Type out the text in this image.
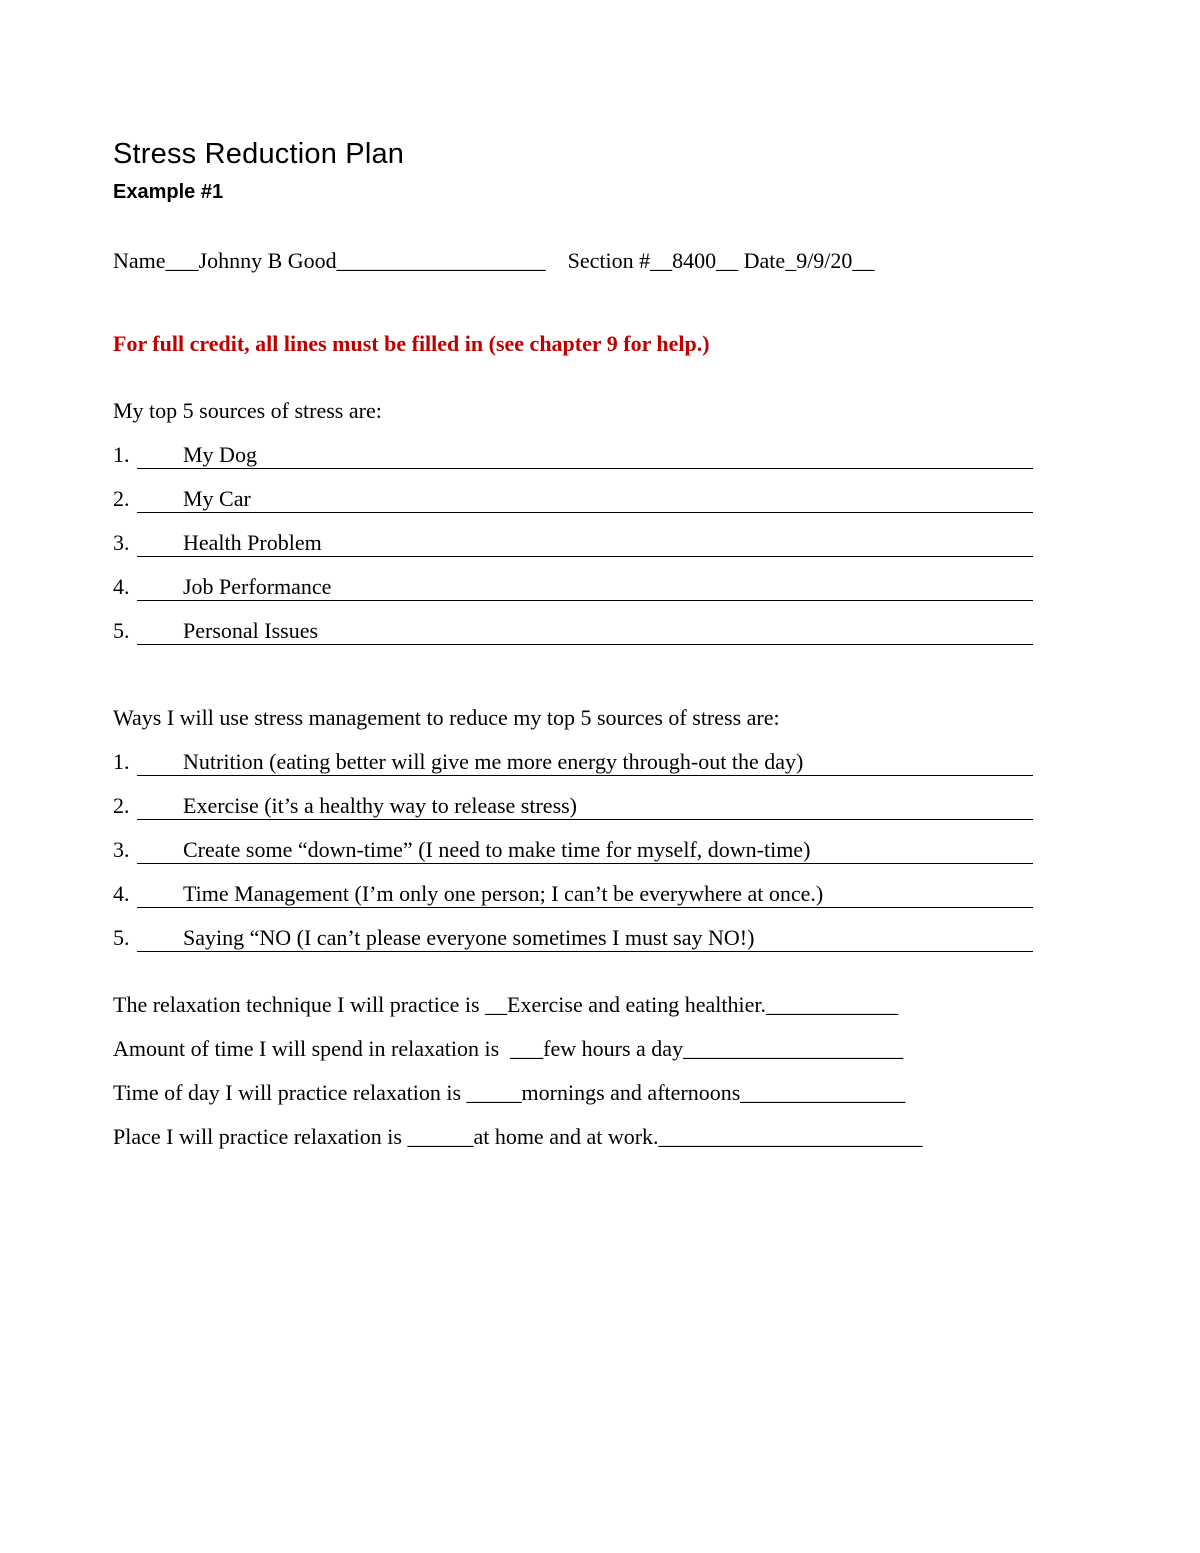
Stress Reduction Plan
Example #1
Name___Johnny B Good___________________ Section #__8400__ Date_9/9/20__
For full credit, all lines must be filled in (see chapter 9 for help.)
My top 5 sources of stress are:
1. My Dog
2. My Car
3. Health Problem
4. Job Performance
5. Personal Issues
Ways I will use stress management to reduce my top 5 sources of stress are:
1. Nutrition (eating better will give me more energy through-out the day)
2. Exercise (it’s a healthy way to release stress)
3. Create some “down-time” (I need to make time for myself, down-time)
4. Time Management (I’m only one person; I can’t be everywhere at once.)
5. Saying “NO (I can’t please everyone sometimes I must say NO!)
The relaxation technique I will practice is __Exercise and eating healthier.____________
Amount of time I will spend in relaxation is  ___few hours a day____________________
Time of day I will practice relaxation is _____mornings and afternoons_______________
Place I will practice relaxation is ______at home and at work.________________________
